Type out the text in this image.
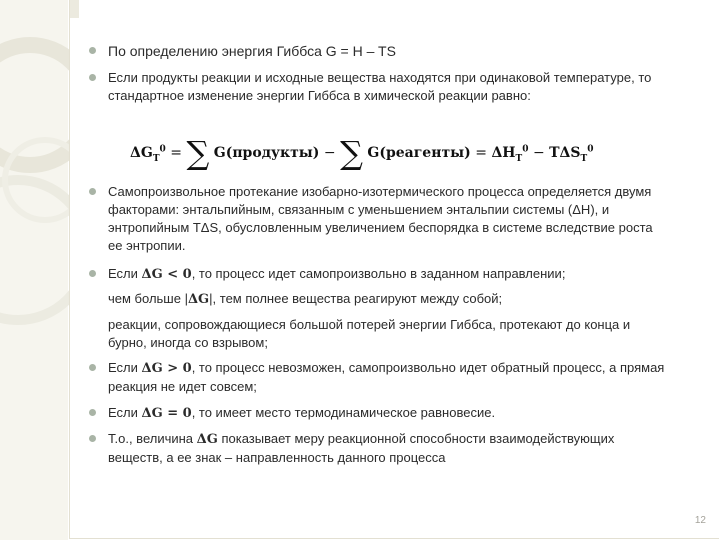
По определению энергия Гиббса G = H – TS
Если продукты реакции и исходные вещества находятся при одинаковой температуре, то стандартное изменение энергии Гиббса в химической реакции равно:
$\Delta G_T^0$ = ∑ G(продукты) − ∑ G(реагенты) = $\Delta H_T^0 - T\Delta S_T^0$
Самопроизвольное протекание изобарно-изотермического процесса определяется двумя факторами: энтальпийным, связанным с уменьшением энтальпии системы (ΔH), и энтропийным TΔS, обусловленным увеличением беспорядка в системе вследствие роста ее энтропии.
Если ΔG < 0, то процесс идет самопроизвольно в заданном направлении;
чем больше |ΔG|, тем полнее вещества реагируют между собой;
реакции, сопровождающиеся большой потерей энергии Гиббса, протекают до конца и бурно, иногда со взрывом;
Если ΔG > 0, то процесс невозможен, самопроизвольно идет обратный процесс, а прямая реакция не идет совсем;
Если ΔG = 0, то имеет место термодинамическое равновесие.
Т.о., величина ΔG показывает меру реакционной способности взаимодействующих веществ, а ее знак – направленность данного процесса
12
